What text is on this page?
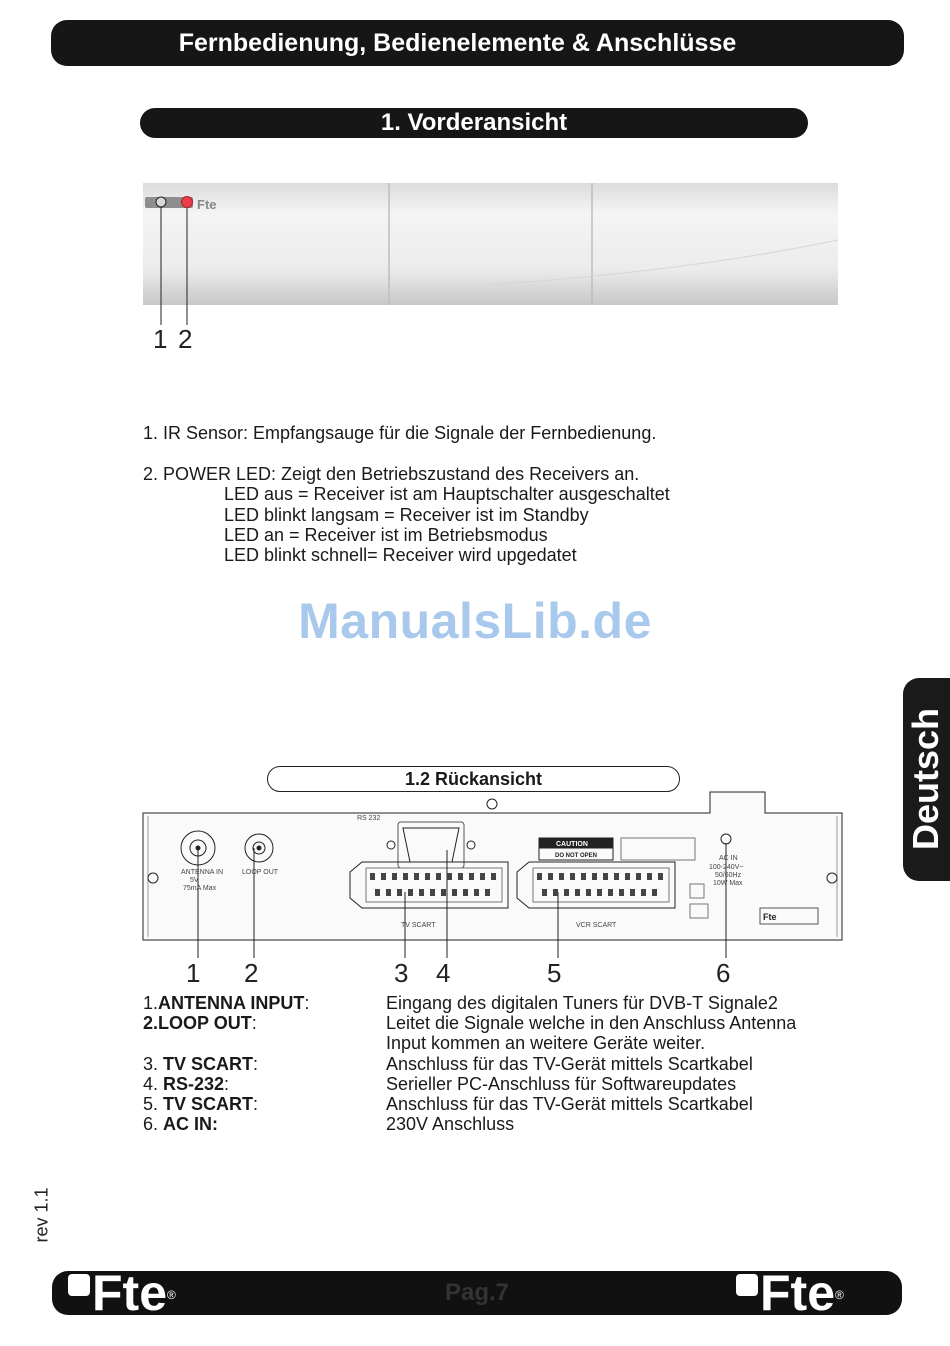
Fernbedienung, Bedienelemente & Anschlüsse
1. Vorderansicht
Fte
1 2
1. IR Sensor: Empfangsauge für die Signale der Fernbedienung.
2. POWER LED: Zeigt den Betriebszustand des Receivers an.
LED aus = Receiver ist am Hauptschalter ausgeschaltet
LED blinkt langsam = Receiver ist im Standby
LED an = Receiver ist im Betriebsmodus
LED blinkt schnell= Receiver wird upgedatet
ManualsLib.de
Deutsch
1.2 Rückansicht
ANTENNA IN
5V
75mA Max
LOOP OUT
RS 232
TV SCART	VCR SCART
AC IN
100-240V~
50/60Hz
10W Max
CAUTION
DO NOT OPEN
Fte
1 2	3 4	5	6
1.ANTENNA INPUT:	Eingang des digitalen Tuners für DVB-T Signale2
2.LOOP OUT:	Leitet die Signale welche in den Anschluss Antenna
Input kommen an weitere Geräte weiter.
3. TV SCART:	Anschluss für das TV-Gerät mittels Scartkabel
4. RS-232:	Serieller PC-Anschluss für Softwareupdates
5. TV SCART:	Anschluss für das TV-Gerät mittels Scartkabel
6. AC IN:	230V Anschluss
rev 1.1
Fte®	Pag.7	Fte®
